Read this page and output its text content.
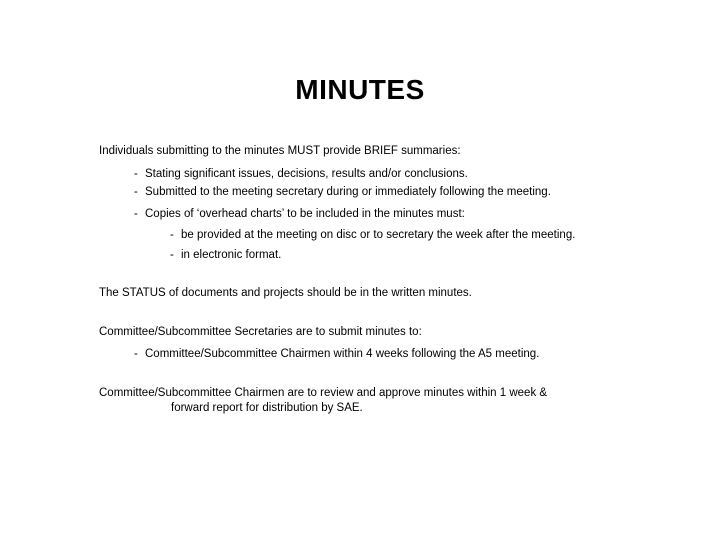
MINUTES

Individuals submitting to the minutes MUST provide BRIEF summaries:

- Stating significant issues, decisions, results and/or conclusions.

- Submitted to the meeting secretary during or immediately following the meeting.

- Copies of ‘overhead charts’ to be included in the minutes must:

- be provided at the meeting on disc or to secretary the week after the meeting.

- in electronic format.

The STATUS of documents and projects should be in the written minutes.

Committee/Subcommittee Secretaries are to submit minutes to:

- Committee/Subcommittee Chairmen within 4 weeks following the A5 meeting.

Committee/Subcommittee Chairmen are to review and approve minutes within 1 week &

forward report for distribution by SAE.
